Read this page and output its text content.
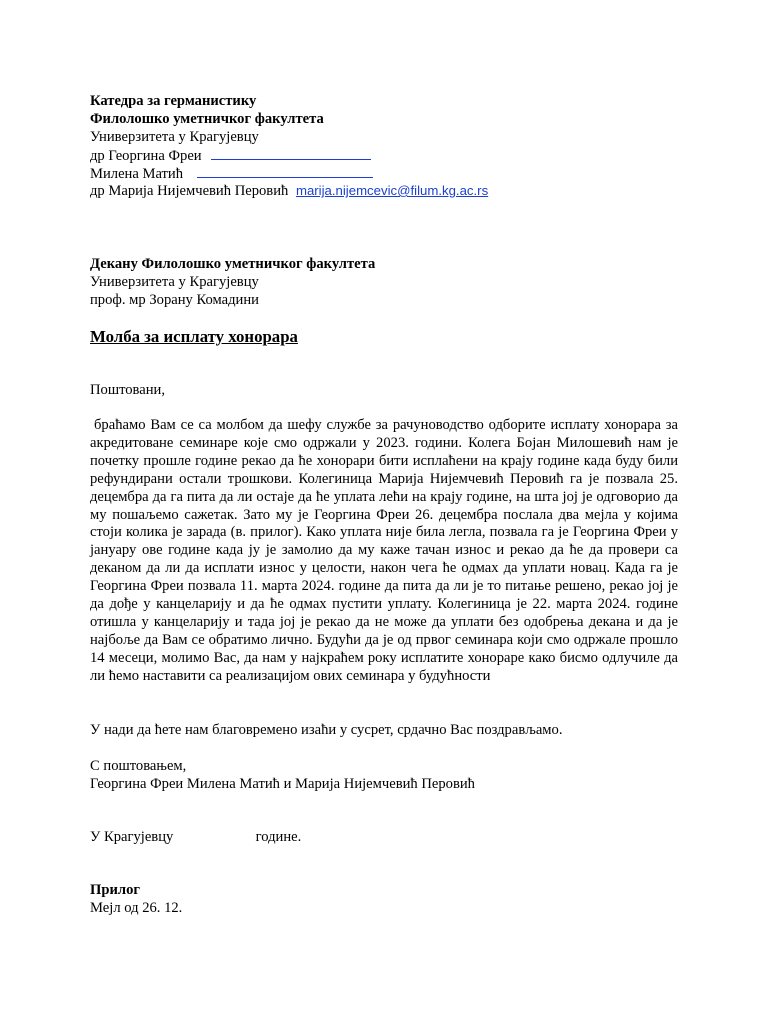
Катедра за германистику
Филолошко уметничког факултета
Универзитета у Крагујевцу
др Георгина Фреи
Милена Матић
др Марија Нијемчевић Перовић marija.nijemcevic@filum.kg.ac.rs
Декану Филолошко уметничког факултета
Универзитета у Крагујевцу
проф. мр Зорану Комадини
Молба за исплату хонорара
Поштовани,
брaћамо Вам се са молбом да шефу службе за рачуноводство одборите исплату хонорара за акредитоване семинаре које смо одржали у 2023. години. Колега Бојан Милошевић нам је почетку прошле године рекао да ће хонорари бити исплаћени на крају године када буду били рефундирани остали трошкови. Колегиница Марија Нијемчевић Перовић га је позвала 25. децембра да га пита да ли остаје да ће уплата лећи на крају године, на шта јој је одговорио да му пошаљемо сажетак. Зато му је Георгина Фреи 26. децембра послала два мејла у којима стоји колика је зарада (в. прилог). Како уплата није била легла, позвала га је Георгина Фреи у јануару ове године када ју је замолио да му каже тачан износ и рекао да ће да провери са деканом да ли да исплати износ у целости, након чега ће одмах да уплати новац. Када га је Георгина Фреи позвала 11. марта 2024. године да пита да ли је то питање решено, рекао јој је да дође у канцеларију и да ће одмах пустити уплату. Колегиница је 22. марта 2024. године отишла у канцеларију и тада јој је рекао да не може да уплати без одобрења декана и да је најбоље да Вам се обратимо лично. Будући да је од првог семинара који смо одржале прошло 14 месеци, молимо Вас, да нам у најкраћем року исплатите хонораре како бисмо одлучиле да ли ћемо наставити са реализацијом ових семинара у будућности
У нади да ћете нам благовремено изаћи у сусрет, срдачно Вас поздрављамо.
С поштовањем,
Георгина Фреи Милена Матић и Марија Нијемчевић Перовић
У Крагујевцу	године.
Прилог
Мејл од 26. 12.
